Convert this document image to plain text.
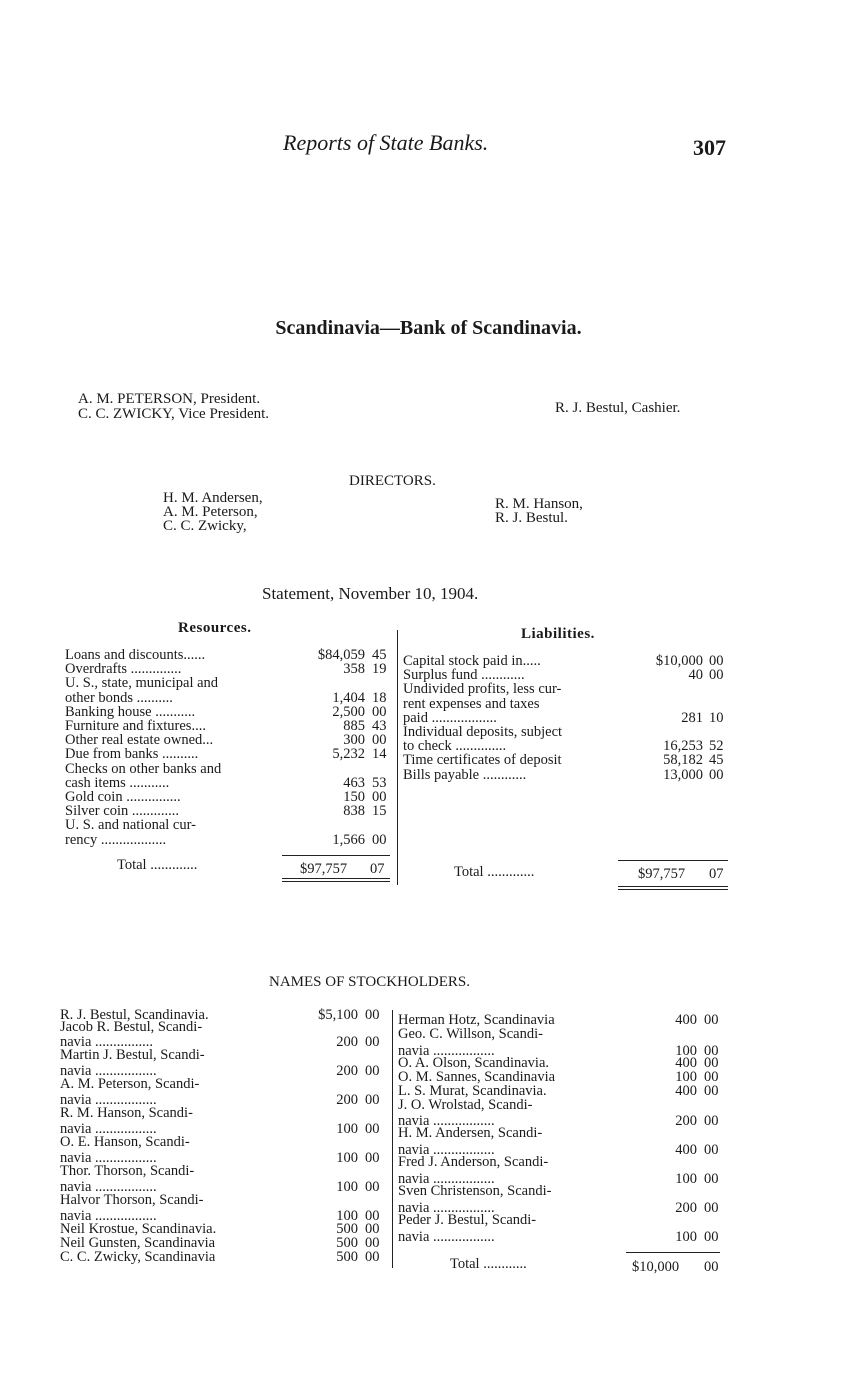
Reports of State Banks.	307
Scandinavia—Bank of Scandinavia.
A. M. PETERSON, President.
C. C. ZWICKY, Vice President.	R. J. Bestul, Cashier.
DIRECTORS.
H. M. Andersen,
A. M. Peterson,
C. C. Zwicky,
R. M. Hanson,
R. J. Bestul.
Statement, November 10, 1904.
Resources.	Liabilities.
Loans and discounts......	$84,059 45
Overdrafts ..............	358 19
U. S., state, municipal and
other bonds ..........	1,404 18
Banking house ...........	2,500 00
Furniture and fixtures....	885 43
Other real estate owned...	300 00
Due from banks ..........	5,232 14
Checks on other banks and
cash items ...........	463 53
Gold coin ...............	150 00
Silver coin .............	838 15
U. S. and national cur-
rency ..................	1,566 00
Capital stock paid in.....	$10,000 00
Surplus fund ............	40 00
Undivided profits, less cur-
rent expenses and taxes
paid ..................	281 10
Individual deposits, subject
to check ..............	16,253 52
Time certificates of deposit	58,182 45
Bills payable ............	13,000 00
Total .............	$97,757 07	Total .............	$97,757 07
NAMES OF STOCKHOLDERS.
R. J. Bestul, Scandinavia.	$5,100 00
Jacob R. Bestul, Scandi-
navia ................	200 00
Martin J. Bestul, Scandi-
navia .................	200 00
A. M. Peterson, Scandi-
navia .................	200 00
R. M. Hanson, Scandi-
navia .................	100 00
O. E. Hanson, Scandi-
navia .................	100 00
Thor. Thorson, Scandi-
navia .................	100 00
Halvor Thorson, Scandi-
navia .................	100 00
Neil Krostue, Scandinavia.	500 00
Neil Gunsten, Scandinavia	500 00
C. C. Zwicky, Scandinavia	500 00
Herman Hotz, Scandinavia	400 00
Geo. C. Willson, Scandi-
navia .................	100 00
O. A. Olson, Scandinavia.	400 00
O. M. Sannes, Scandinavia	100 00
L. S. Murat, Scandinavia.	400 00
J. O. Wrolstad, Scandi-
navia .................	200 00
H. M. Andersen, Scandi-
navia .................	400 00
Fred J. Anderson, Scandi-
navia .................	100 00
Sven Christenson, Scandi-
navia .................	200 00
Peder J. Bestul, Scandi-
navia .................	100 00
Total ............	$10,000 00
